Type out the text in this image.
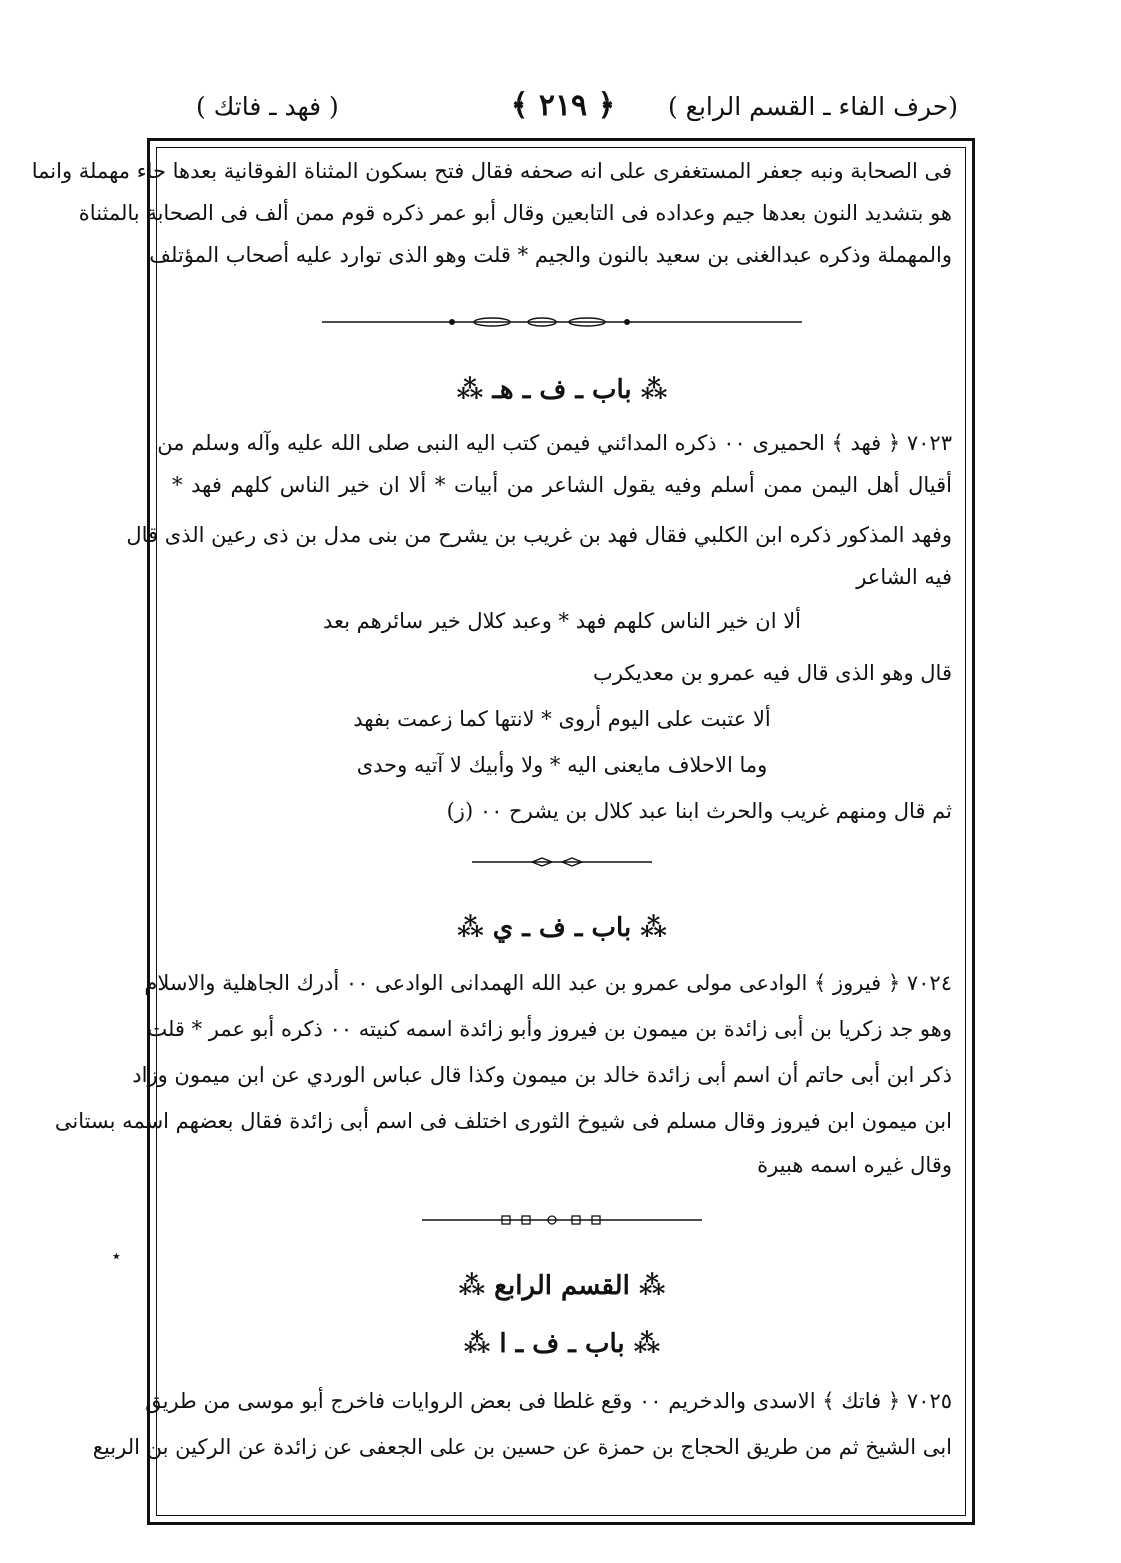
(حرف الفاء ـ القسم الرابع )
﴿ ٢١٩ ﴾
( فهد ـ فاتك )
٭
فى الصحابة ونبه جعفر المستغفرى على انه صحفه فقال فتح بسكون المثناة الفوقانية بعدها حاء مهملة وانما
هو بتشديد النون بعدها جيم وعداده فى التابعين وقال أبو عمر ذكره قوم ممن ألف فى الصحابة بالمثناة
والمهملة وذكره عبدالغنى بن سعيد بالنون والجيم * قلت وهو الذى توارد عليه أصحاب المؤتلف
⁂ باب ـ ف ـ هـ ⁂
٧٠٢٣ ﴿ فهد ﴾ الحميرى ٠٠ ذكره المدائني فيمن كتب اليه النبى صلى الله عليه وآله وسلم من
أقيال أهل اليمن ممن أسلم وفيه يقول الشاعر من أبيات * ألا ان خير الناس كلهم فهد *
وفهد المذكور ذكره ابن الكلبي فقال فهد بن غريب بن يشرح من بنى مدل بن ذى رعين الذى قال
فيه الشاعر
ألا ان خير الناس كلهم فهد * وعبد كلال خير سائرهم بعد
قال وهو الذى قال فيه عمرو بن معديكرب
ألا عتبت على اليوم أروى * لانتها كما زعمت بفهد
وما الاحلاف مايعنى اليه * ولا وأبيك لا آتيه وحدى
ثم قال ومنهم غريب والحرث ابنا عبد كلال بن يشرح ٠٠ (ز)
⁂ باب ـ ف ـ ي ⁂
٧٠٢٤ ﴿ فيروز ﴾ الوادعى مولى عمرو بن عبد الله الهمدانى الوادعى ٠٠ أدرك الجاهلية والاسلام
وهو جد زكريا بن أبى زائدة بن ميمون بن فيروز وأبو زائدة اسمه كنيته ٠٠ ذكره أبو عمر * قلت
ذكر ابن أبى حاتم أن اسم أبى زائدة خالد بن ميمون وكذا قال عباس الوردي عن ابن ميمون وزاد
ابن ميمون ابن فيروز وقال مسلم فى شيوخ الثورى اختلف فى اسم أبى زائدة فقال بعضهم اسمه بستانى
وقال غيره اسمه هبيرة
⁂ القسم الرابع ⁂
⁂ باب ـ ف ـ ا ⁂
٧٠٢٥ ﴿ فاتك ﴾ الاسدى والدخريم ٠٠ وقع غلطا فى بعض الروايات فاخرج أبو موسى من طريق
ابى الشيخ ثم من طريق الحجاج بن حمزة عن حسين بن على الجعفى عن زائدة عن الركين بن الربيع
